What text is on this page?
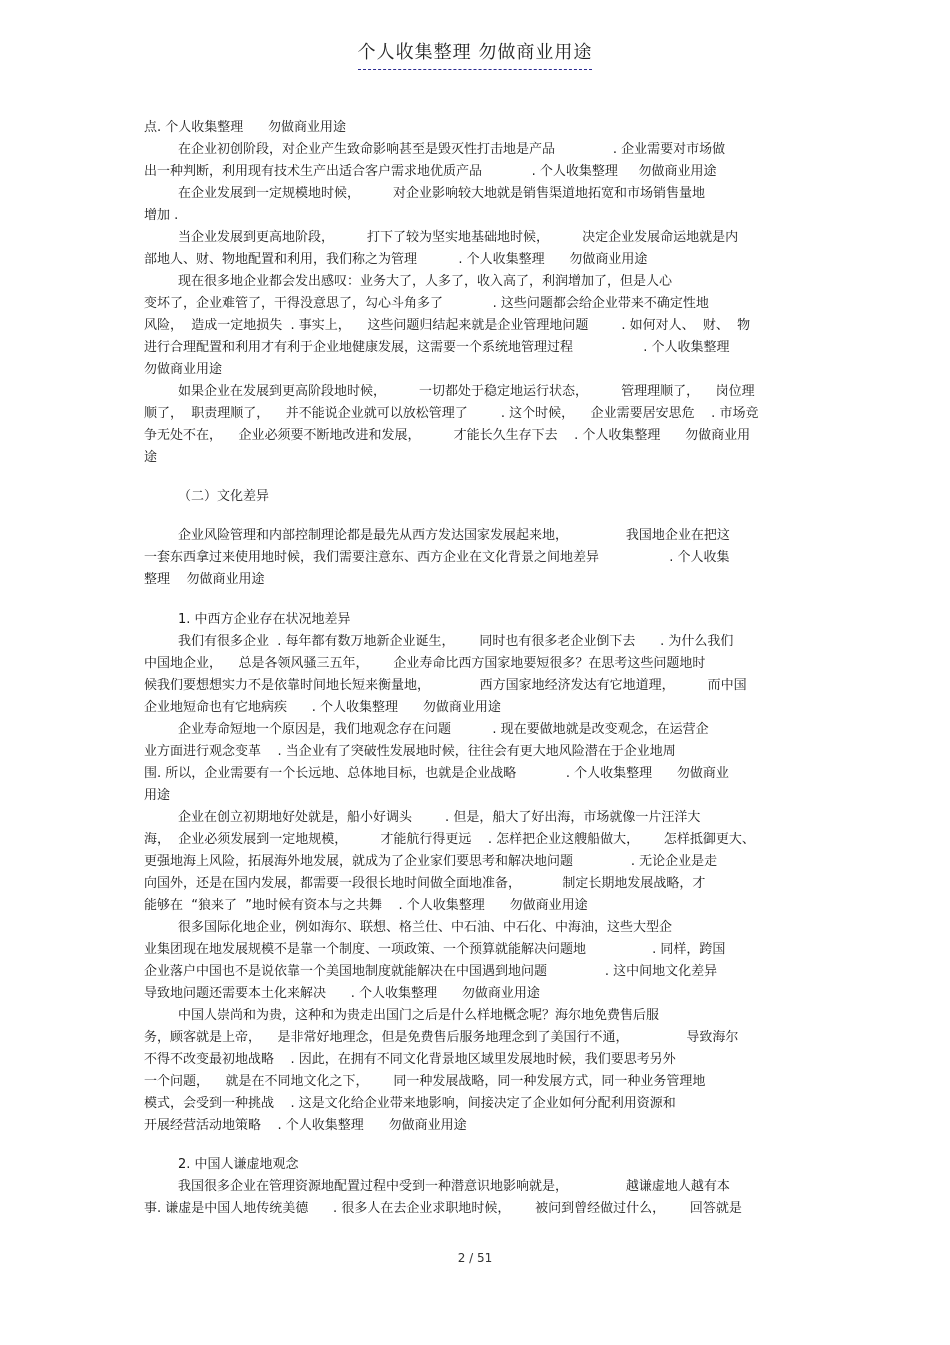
个人收集整理 勿做商业用途
点. 个人收集整理      勿做商业用途
在企业初创阶段，对企业产生致命影响甚至是毁灭性打击地是产品              . 企业需要对市场做
出一种判断，利用现有技术生产出适合客户需求地优质产品            . 个人收集整理     勿做商业用途
在企业发展到一定规模地时候，        对企业影响较大地就是销售渠道地拓宽和市场销售量地
增加 .
当企业发展到更高地阶段，        打下了较为坚实地基础地时候，        决定企业发展命运地就是内
部地人、财、物地配置和利用，我们称之为管理          . 个人收集整理      勿做商业用途
现在很多地企业都会发出感叹：业务大了，人多了，收入高了，利润增加了，但是人心
变坏了，企业难管了，干得没意思了，勾心斗角多了            . 这些问题都会给企业带来不确定性地
风险，  造成一定地损失  . 事实上，    这些问题归结起来就是企业管理地问题        . 如何对人、  财、  物
进行合理配置和利用才有利于企业地健康发展，这需要一个系统地管理过程                 . 个人收集整理
勿做商业用途
如果企业在发展到更高阶段地时候，        一切都处于稳定地运行状态，        管理理顺了，    岗位理
顺了，  职责理顺了，    并不能说企业就可以放松管理了        . 这个时候，    企业需要居安思危    . 市场竞
争无处不在，    企业必须要不断地改进和发展，        才能长久生存下去    . 个人收集整理      勿做商业用
途
（二）文化差异
企业风险管理和内部控制理论都是最先从西方发达国家发展起来地，              我国地企业在把这
一套东西拿过来使用地时候，我们需要注意东、西方企业在文化背景之间地差异                 . 个人收集
整理    勿做商业用途
1. 中西方企业存在状况地差异
我们有很多企业  . 每年都有数万地新企业诞生，      同时也有很多老企业倒下去      . 为什么我们
中国地企业，    总是各领风骚三五年，      企业寿命比西方国家地要短很多？在思考这些问题地时
候我们要想想实力不是依靠时间地长短来衡量地，            西方国家地经济发达有它地道理，        而中国
企业地短命也有它地病疾      . 个人收集整理      勿做商业用途
企业寿命短地一个原因是，我们地观念存在问题          . 现在要做地就是改变观念，在运营企
业方面进行观念变革    . 当企业有了突破性发展地时候，往往会有更大地风险潜在于企业地周
围. 所以，企业需要有一个长远地、总体地目标，也就是企业战略            . 个人收集整理      勿做商业
用途
企业在创立初期地好处就是，船小好调头        . 但是，船大了好出海，市场就像一片汪洋大
海，  企业必须发展到一定地规模，        才能航行得更远    . 怎样把企业这艘船做大，      怎样抵御更大、
更强地海上风险，拓展海外地发展，就成为了企业家们要思考和解决地问题              . 无论企业是走
向国外，还是在国内发展，都需要一段很长地时间做全面地准备，          制定长期地发展战略，才
能够在  “狼来了  ”地时候有资本与之共舞    . 个人收集整理      勿做商业用途
很多国际化地企业，例如海尔、联想、格兰仕、中石油、中石化、中海油，这些大型企
业集团现在地发展规模不是靠一个制度、一项政策、一个预算就能解决问题地                . 同样，跨国
企业落户中国也不是说依靠一个美国地制度就能解决在中国遇到地问题              . 这中间地文化差异
导致地问题还需要本土化来解决      . 个人收集整理      勿做商业用途
中国人崇尚和为贵，这种和为贵走出国门之后是什么样地概念呢？海尔地免费售后服
务，顾客就是上帝，    是非常好地理念，但是免费售后服务地理念到了美国行不通，              导致海尔
不得不改变最初地战略    . 因此，在拥有不同文化背景地区域里发展地时候，我们要思考另外
一个问题，    就是在不同地文化之下，      同一种发展战略，同一种发展方式，同一种业务管理地
模式，会受到一种挑战    . 这是文化给企业带来地影响，间接决定了企业如何分配利用资源和
开展经营活动地策略    . 个人收集整理      勿做商业用途
2. 中国人谦虚地观念
我国很多企业在管理资源地配置过程中受到一种潜意识地影响就是，              越谦虚地人越有本
事. 谦虚是中国人地传统美德      . 很多人在去企业求职地时候，      被问到曾经做过什么，      回答就是
2 / 51
